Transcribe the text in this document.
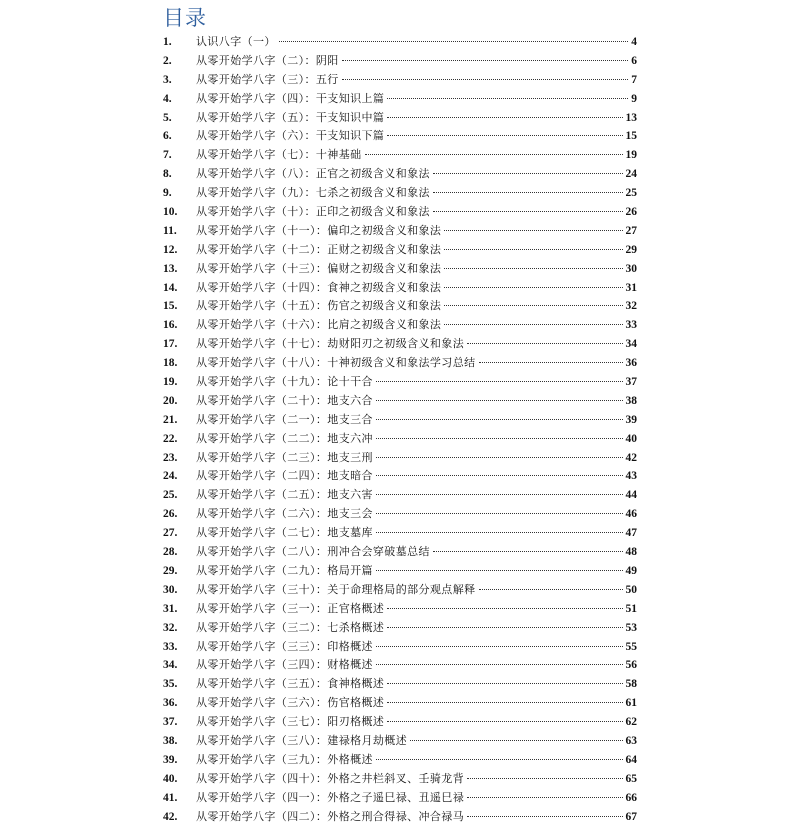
目录
1. 认识八字（一）	4
2. 从零开始学八字（二）：阴阳	6
3. 从零开始学八字（三）：五行	7
4. 从零开始学八字（四）：干支知识上篇	9
5. 从零开始学八字（五）：干支知识中篇	13
6. 从零开始学八字（六）：干支知识下篇	15
7. 从零开始学八字（七）：十神基础	19
8. 从零开始学八字（八）：正官之初级含义和象法	24
9. 从零开始学八字（九）：七杀之初级含义和象法	25
10. 从零开始学八字（十）：正印之初级含义和象法	26
11. 从零开始学八字（十一）：偏印之初级含义和象法	27
12. 从零开始学八字（十二）：正财之初级含义和象法	29
13. 从零开始学八字（十三）：偏财之初级含义和象法	30
14. 从零开始学八字（十四）：食神之初级含义和象法	31
15. 从零开始学八字（十五）：伤官之初级含义和象法	32
16. 从零开始学八字（十六）：比肩之初级含义和象法	33
17. 从零开始学八字（十七）：劫财阳刃之初级含义和象法	34
18. 从零开始学八字（十八）：十神初级含义和象法学习总结	36
19. 从零开始学八字（十九）：论十干合	37
20. 从零开始学八字（二十）：地支六合	38
21. 从零开始学八字（二一）：地支三合	39
22. 从零开始学八字（二二）：地支六冲	40
23. 从零开始学八字（二三）：地支三刑	42
24. 从零开始学八字（二四）：地支暗合	43
25. 从零开始学八字（二五）：地支六害	44
26. 从零开始学八字（二六）：地支三会	46
27. 从零开始学八字（二七）：地支墓库	47
28. 从零开始学八字（二八）：刑冲合会穿破墓总结	48
29. 从零开始学八字（二九）：格局开篇	49
30. 从零开始学八字（三十）：关于命理格局的部分观点解释	50
31. 从零开始学八字（三一）：正官格概述	51
32. 从零开始学八字（三二）：七杀格概述	53
33. 从零开始学八字（三三）：印格概述	55
34. 从零开始学八字（三四）：财格概述	56
35. 从零开始学八字（三五）：食神格概述	58
36. 从零开始学八字（三六）：伤官格概述	61
37. 从零开始学八字（三七）：阳刃格概述	62
38. 从零开始学八字（三八）：建禄格月劫概述	63
39. 从零开始学八字（三九）：外格概述	64
40. 从零开始学八字（四十）：外格之井栏斜叉、壬骑龙背	65
41. 从零开始学八字（四一）：外格之子遥巳禄、丑遥巳禄	66
42. 从零开始学八字（四二）：外格之刑合得禄、冲合禄马	67
